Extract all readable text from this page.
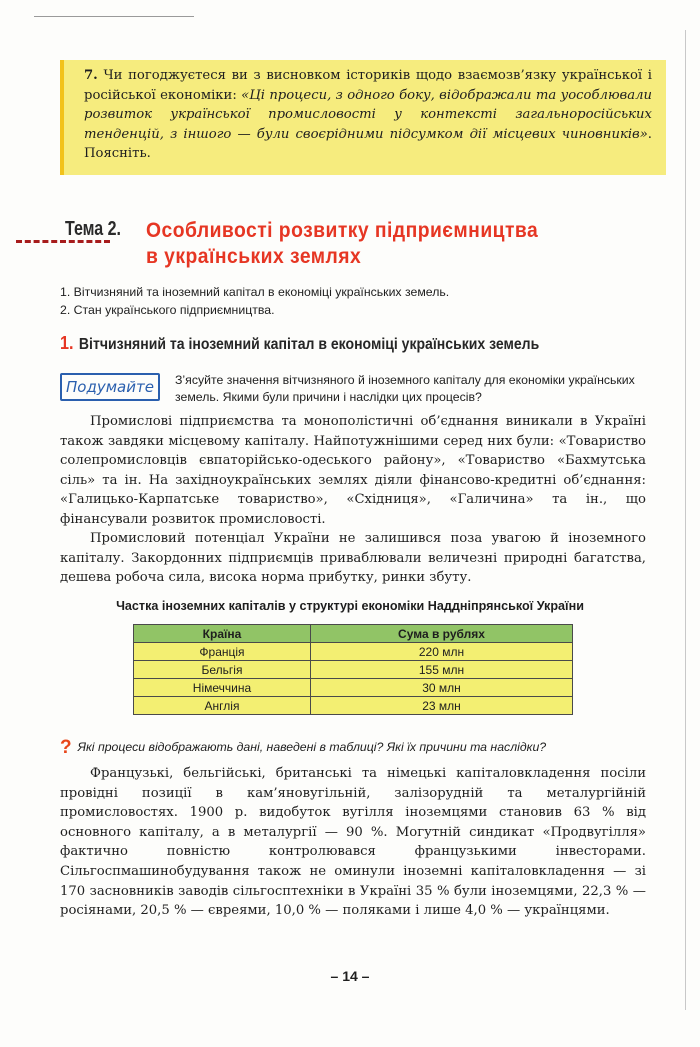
7. Чи погоджуєтеся ви з висновком істориків щодо взаємозв’язку української і російської економіки: «Ці процеси, з одного боку, відображали та уособлювали розвиток української промисловості у контексті загальноросійських тенденцій, з іншого — були своєрідними підсумком дії місцевих чиновників». Поясніть.
Тема 2. Особливості розвитку підприємництва
в українських землях
1. Вітчизняний та іноземний капітал в економіці українських земель.
2. Стан українського підприємництва.
1. Вітчизняний та іноземний капітал в економіці українських земель
Подумайте	З’ясуйте значення вітчизняного й іноземного капіталу для економіки українських земель. Якими були причини і наслідки цих процесів?

Промислові підприємства та монополістичні об’єднання виникали в Україні також завдяки місцевому капіталу. Найпотужнішими серед них були: «Товариство солепромисловців євпаторійсько-одеського району», «Товариство «Бахмутська сіль» та ін. На західноукраїнських землях діяли фінансово-кредитні об’єднання: «Галицько-Карпатське товариство», «Східниця», «Галичина» та ін., що фінансували розвиток промисловості.

Промисловий потенціал України не залишився поза увагою й іноземного капіталу. Закордонних підприємців приваблювали величезні природні багатства, дешева робоча сила, висока норма прибутку, ринки збуту.

Частка іноземних капіталів у структурі економіки Наддніпрянської України
Країна	Сума в рублях
Франція	220 млн
Бельгія	155 млн
Німеччина	30 млн
Англія	23 млн
? Які процеси відображають дані, наведені в таблиці? Які їх причини та наслідки?

Французькі, бельгійські, британські та німецькі капіталовкладення посіли провідні позиції в кам’яновугільній, залізорудній та металургійній промисловостях. 1900 р. видобуток вугілля іноземцями становив 63 % від основного капіталу, а в металургії — 90 %. Могутній синдикат «Продвугілля» фактично повністю контролювався французькими інвесторами. Сільгоспмашинобудування також не оминули іноземні капіталовкладення — зі 170 засновників заводів сільгосптехніки в Україні 35 % були іноземцями, 22,3 % — росіянами, 20,5 % — євреями, 10,0 % — поляками і лише 4,0 % — українцями.

– 14 –
